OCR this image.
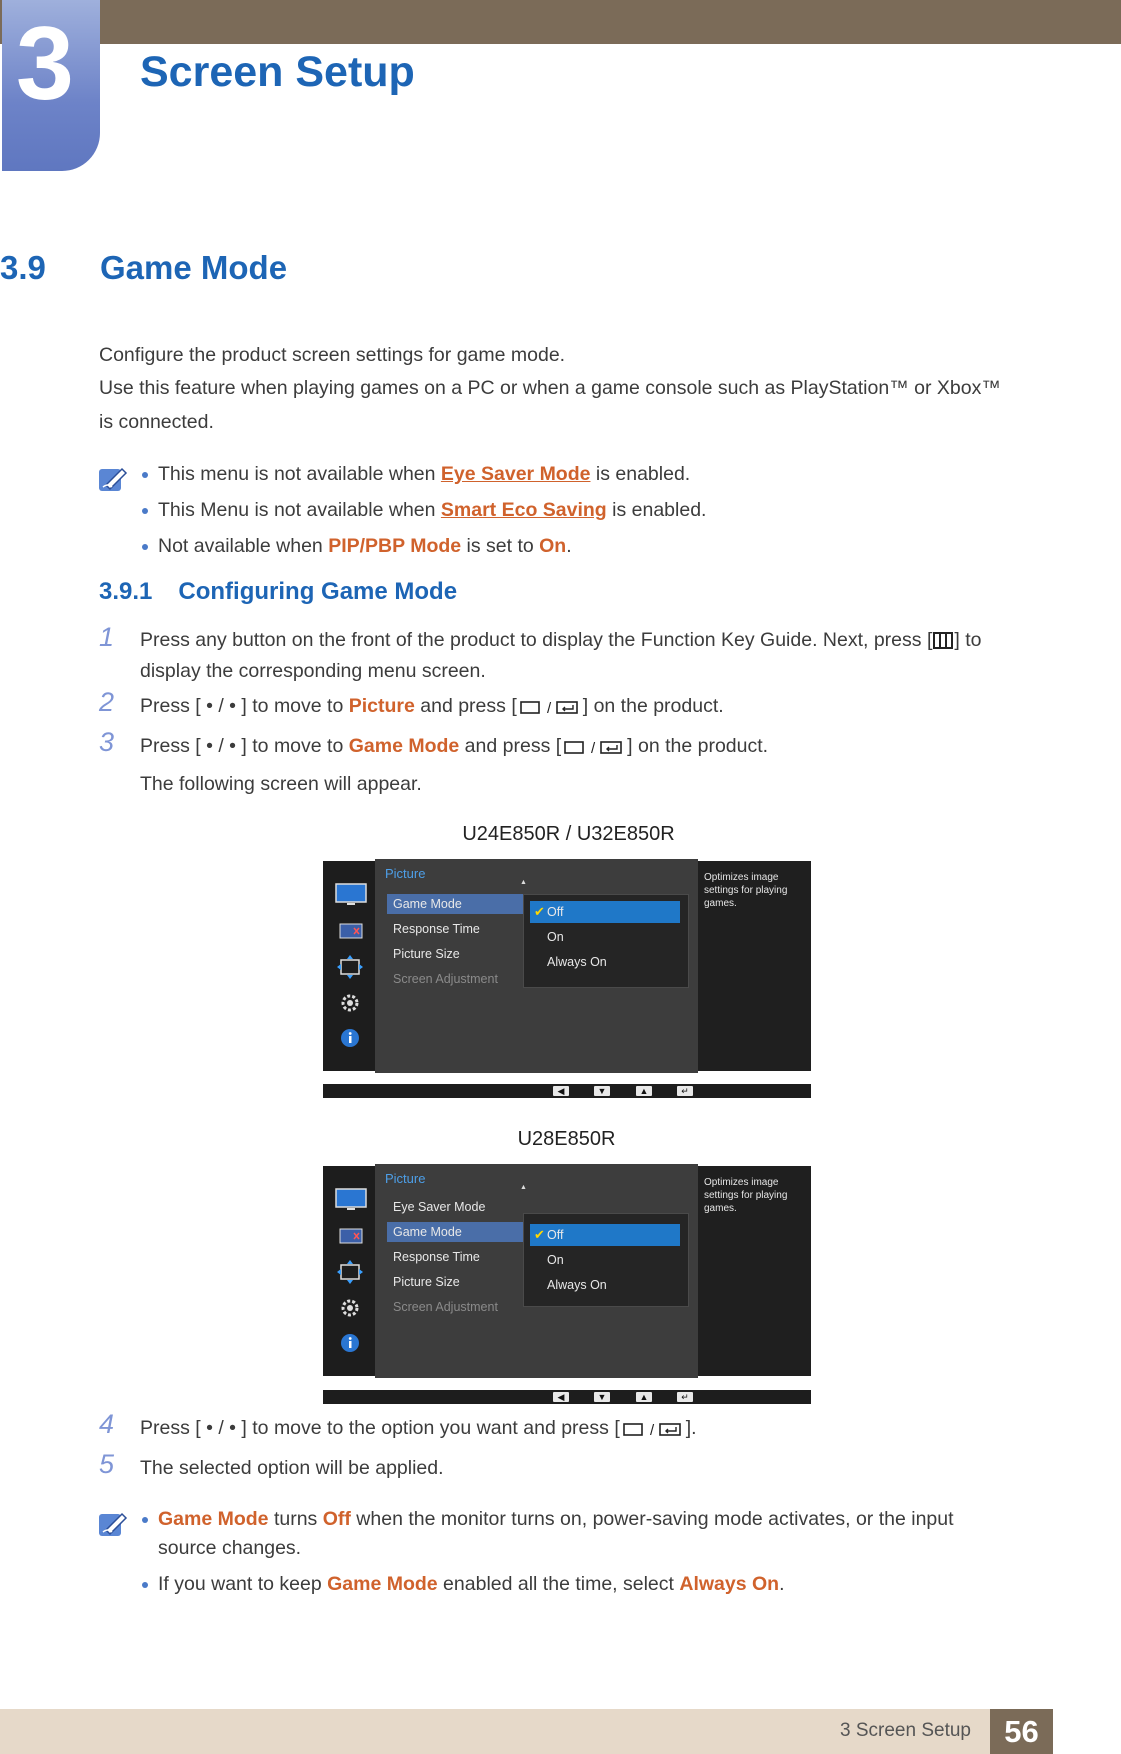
3 Screen Setup
3.9 Game Mode
Configure the product screen settings for game mode.
Use this feature when playing games on a PC or when a game console such as PlayStation™ or Xbox™
is connected.
This menu is not available when Eye Saver Mode is enabled.
This Menu is not available when Smart Eco Saving is enabled.
Not available when PIP/PBP Mode is set to On.
3.9.1 Configuring Game Mode
1 Press any button on the front of the product to display the Function Key Guide. Next, press [ ] to
display the corresponding menu screen.
2 Press [ • / • ] to move to Picture and press [ / ] on the product.
3 Press [ • / • ] to move to Game Mode and press [ / ] on the product.
The following screen will appear.
U24E850R / U32E850R
Picture
▲
Game Mode
Response Time
Picture Size
Screen Adjustment
✔ Off
On
Always On
Optimizes image settings for playing games.
◀	▼	▲	↵
U28E850R
Picture
▲
Eye Saver Mode
Game Mode
Response Time
Picture Size
Screen Adjustment
✔ Off
On
Always On
Optimizes image settings for playing games.
◀	▼	▲	↵
4 Press [ • / • ] to move to the option you want and press [ / ].
5 The selected option will be applied.
Game Mode turns Off when the monitor turns on, power-saving mode activates, or the input
source changes.
If you want to keep Game Mode enabled all the time, select Always On.
3 Screen Setup	56
